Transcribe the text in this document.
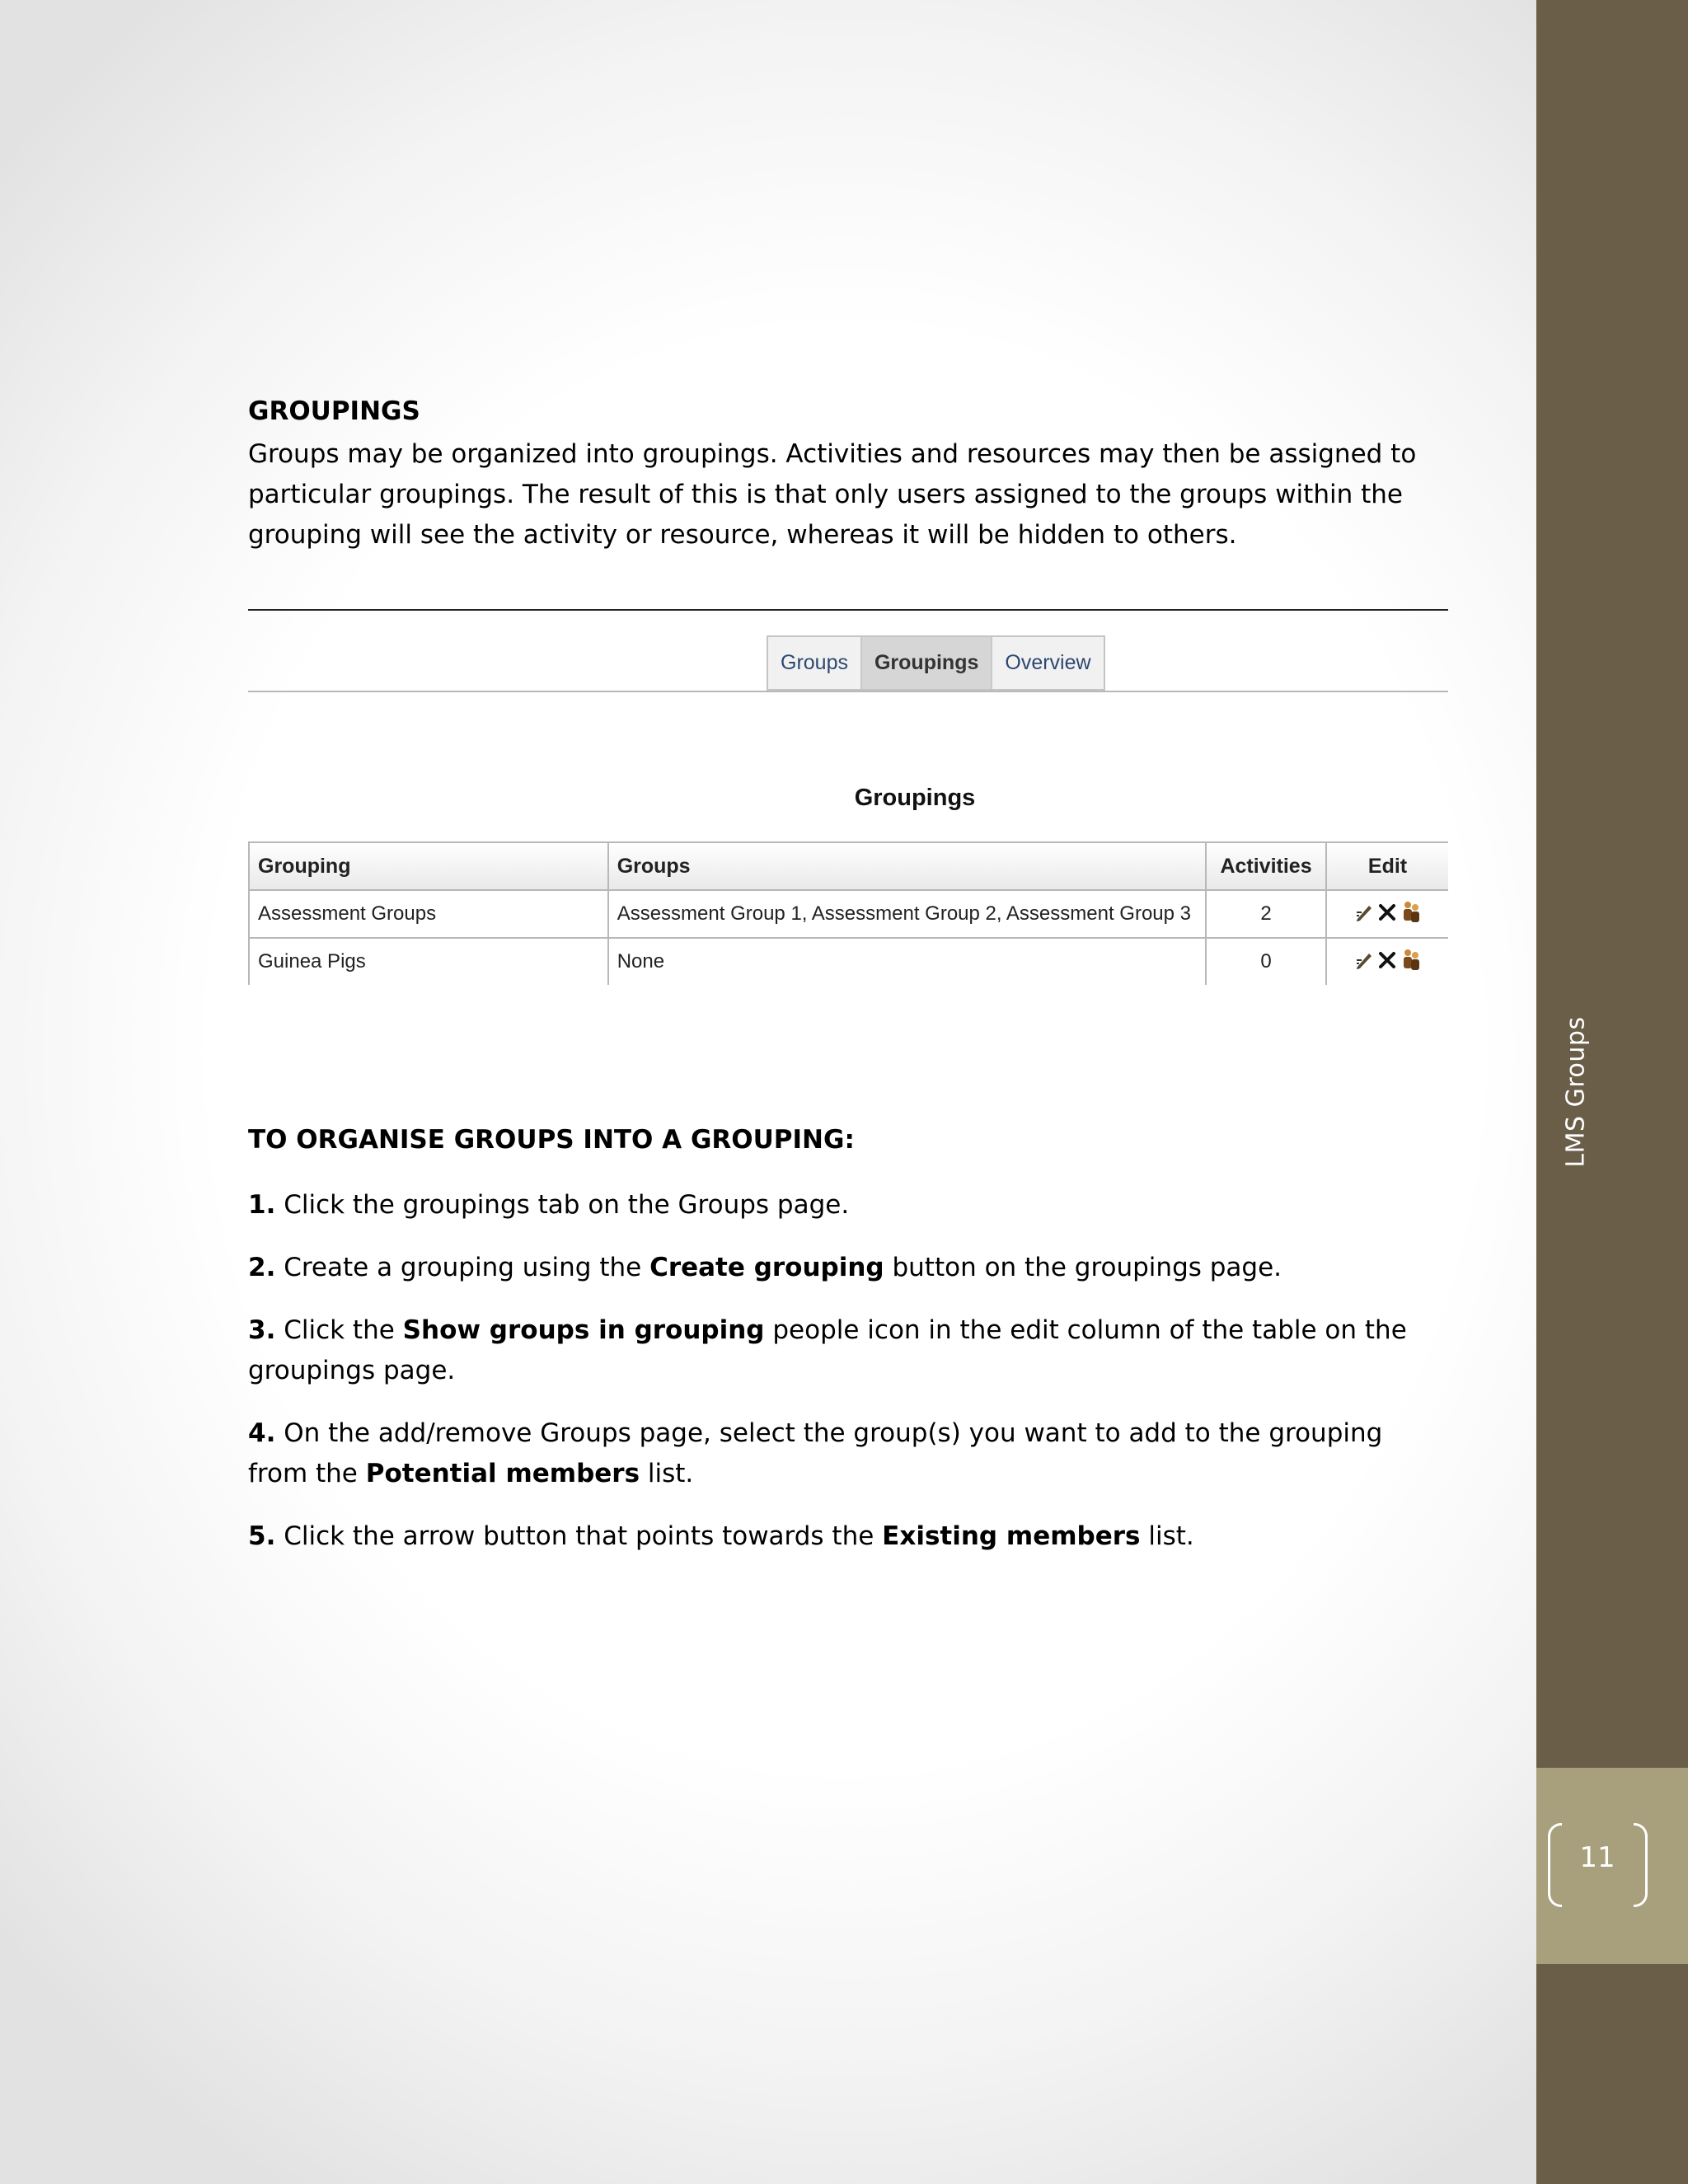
LMS Groups
11
GROUPINGS

Groups may be organized into groupings. Activities and resources may then be assigned to
particular groupings. The result of this is that only users assigned to the groups within the
grouping will see the activity or resource, whereas it will be hidden to others.

Groups	Groupings	Overview
Groupings
Grouping	Groups	Activities	Edit
Assessment Groups	Assessment Group 1, Assessment Group 2, Assessment Group 3	2	

Guinea Pigs	None	0	
TO ORGANISE GROUPS INTO A GROUPING:
1. Click the groupings tab on the Groups page.
2. Create a grouping using the Create grouping button on the groupings page.
3. Click the Show groups in grouping people icon in the edit column of the table on the groupings page.
4. On the add/remove Groups page, select the group(s) you want to add to the grouping from the Potential members list.
5. Click the arrow button that points towards the Existing members list.
